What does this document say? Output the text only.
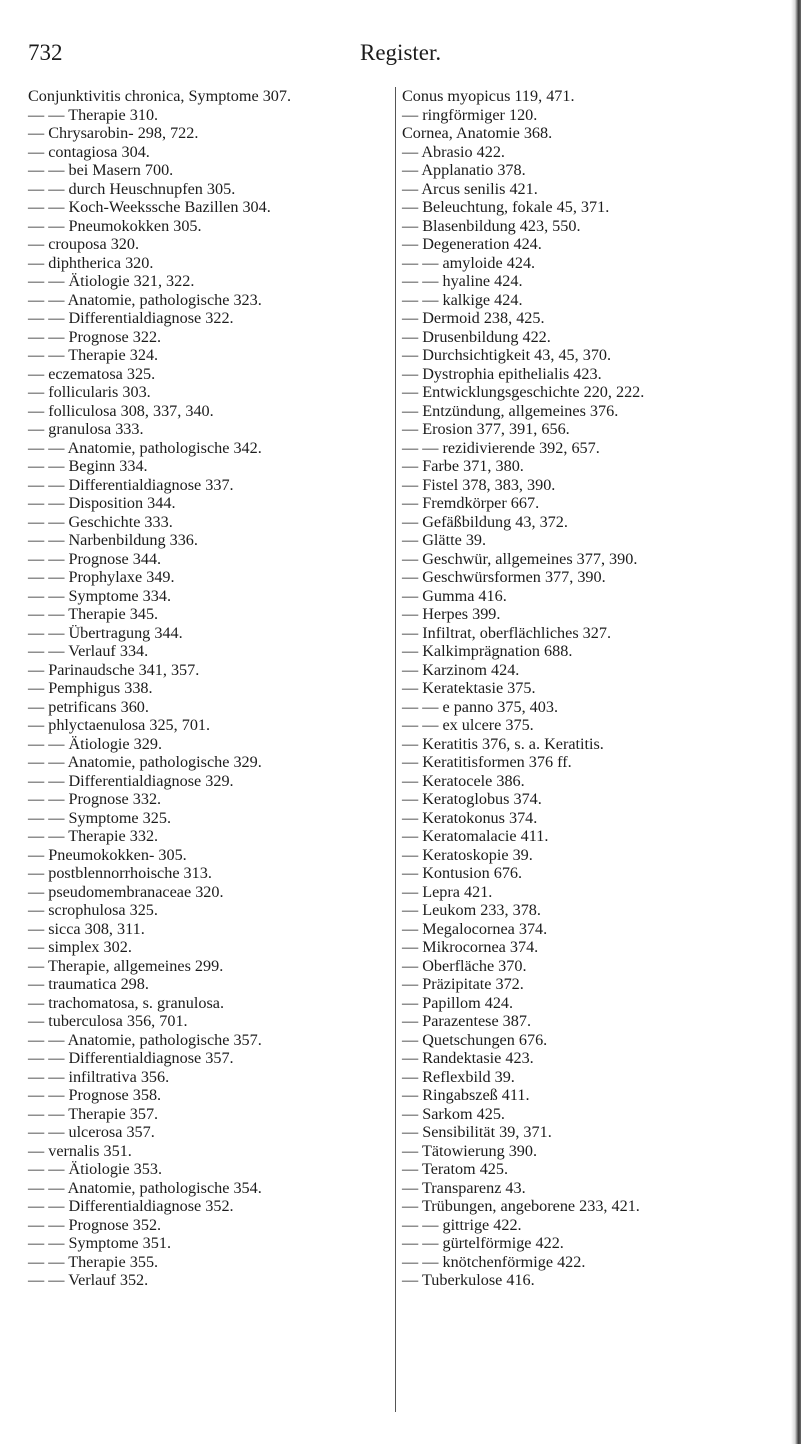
732	Register.
Conjunktivitis chronica, Symptome 307.
— — Therapie 310.
— Chrysarobin- 298, 722.
— contagiosa 304.
— — bei Masern 700.
— — durch Heuschnupfen 305.
— — Koch-Weekssche Bazillen 304.
— — Pneumokokken 305.
— crouposa 320.
— diphtherica 320.
— — Ätiologie 321, 322.
— — Anatomie, pathologische 323.
— — Differentialdiagnose 322.
— — Prognose 322.
— — Therapie 324.
— eczematosa 325.
— follicularis 303.
— folliculosa 308, 337, 340.
— granulosa 333.
— — Anatomie, pathologische 342.
— — Beginn 334.
— — Differentialdiagnose 337.
— — Disposition 344.
— — Geschichte 333.
— — Narbenbildung 336.
— — Prognose 344.
— — Prophylaxe 349.
— — Symptome 334.
— — Therapie 345.
— — Übertragung 344.
— — Verlauf 334.
— Parinaudsche 341, 357.
— Pemphigus 338.
— petrificans 360.
— phlyctaenulosa 325, 701.
— — Ätiologie 329.
— — Anatomie, pathologische 329.
— — Differentialdiagnose 329.
— — Prognose 332.
— — Symptome 325.
— — Therapie 332.
— Pneumokokken- 305.
— postblennorrhoische 313.
— pseudomembranaceae 320.
— scrophulosa 325.
— sicca 308, 311.
— simplex 302.
— Therapie, allgemeines 299.
— traumatica 298.
— trachomatosa, s. granulosa.
— tuberculosa 356, 701.
— — Anatomie, pathologische 357.
— — Differentialdiagnose 357.
— — infiltrativa 356.
— — Prognose 358.
— — Therapie 357.
— — ulcerosa 357.
— vernalis 351.
— — Ätiologie 353.
— — Anatomie, pathologische 354.
— — Differentialdiagnose 352.
— — Prognose 352.
— — Symptome 351.
— — Therapie 355.
— — Verlauf 352.
Conus myopicus 119, 471.
— ringförmiger 120.
Cornea, Anatomie 368.
— Abrasio 422.
— Applanatio 378.
— Arcus senilis 421.
— Beleuchtung, fokale 45, 371.
— Blasenbildung 423, 550.
— Degeneration 424.
— — amyloide 424.
— — hyaline 424.
— — kalkige 424.
— Dermoid 238, 425.
— Drusenbildung 422.
— Durchsichtigkeit 43, 45, 370.
— Dystrophia epithelialis 423.
— Entwicklungsgeschichte 220, 222.
— Entzündung, allgemeines 376.
— Erosion 377, 391, 656.
— — rezidivierende 392, 657.
— Farbe 371, 380.
— Fistel 378, 383, 390.
— Fremdkörper 667.
— Gefäßbildung 43, 372.
— Glätte 39.
— Geschwür, allgemeines 377, 390.
— Geschwürsformen 377, 390.
— Gumma 416.
— Herpes 399.
— Infiltrat, oberflächliches 327.
— Kalkimprägnation 688.
— Karzinom 424.
— Keratektasie 375.
— — e panno 375, 403.
— — ex ulcere 375.
— Keratitis 376, s. a. Keratitis.
— Keratitisformen 376 ff.
— Keratocele 386.
— Keratoglobus 374.
— Keratokonus 374.
— Keratomalacie 411.
— Keratoskopie 39.
— Kontusion 676.
— Lepra 421.
— Leukom 233, 378.
— Megalocornea 374.
— Mikrocornea 374.
— Oberfläche 370.
— Präzipitate 372.
— Papillom 424.
— Parazentese 387.
— Quetschungen 676.
— Randektasie 423.
— Reflexbild 39.
— Ringabszeß 411.
— Sarkom 425.
— Sensibilität 39, 371.
— Tätowierung 390.
— Teratom 425.
— Transparenz 43.
— Trübungen, angeborene 233, 421.
— — gittrige 422.
— — gürtelförmige 422.
— — knötchenförmige 422.
— Tuberkulose 416.
